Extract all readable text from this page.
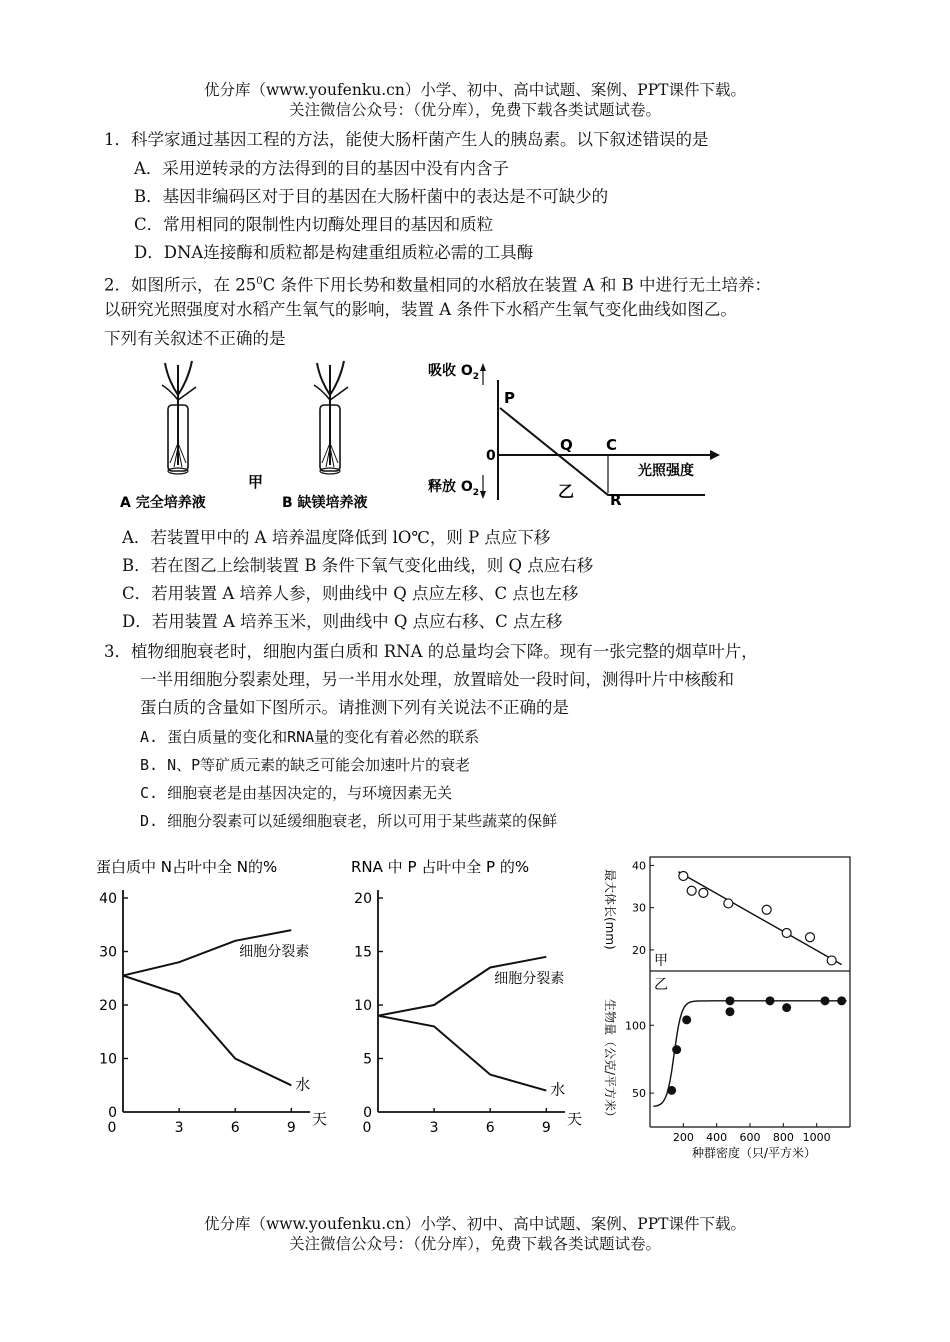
优分库（www.youfenku.cn）小学、初中、高中试题、案例、PPT课件下载。
关注微信公众号：（优分库），免费下载各类试题试卷。
1．科学家通过基因工程的方法，能使大肠杆菌产生人的胰岛素。以下叙述错误的是
A．采用逆转录的方法得到的目的基因中没有内含子
B．基因非编码区对于目的基因在大肠杆菌中的表达是不可缺少的
C．常用相同的限制性内切酶处理目的基因和质粒
D．DNA连接酶和质粒都是构建重组质粒必需的工具酶
2．如图所示，在 $25^0C$ 条件下用长势和数量相同的水稻放在装置 A 和 B 中进行无土培养：
以研究光照强度对水稻产生氧气的影响，装置 A 条件下水稻产生氧气变化曲线如图乙。
下列有关叙述不正确的是
A 完全培养液	B 缺镁培养液
甲
吸收 $O_2$
释放 $O_2$
0
P
Q C
R
光照强度
乙
A．若装置甲中的 A 培养温度降低到 lO℃，则 P 点应下移
B．若在图乙上绘制装置 B 条件下氧气变化曲线，则 Q 点应右移
C．若用装置 A 培养人参，则曲线中 Q 点应左移、C 点也左移
D．若用装置 A 培养玉米，则曲线中 Q 点应右移、C 点左移
3．植物细胞衰老时，细胞内蛋白质和 RNA 的总量均会下降。现有一张完整的烟草叶片，
一半用细胞分裂素处理，另一半用水处理，放置暗处一段时间，测得叶片中核酸和
蛋白质的含量如下图所示。请推测下列有关说法不正确的是
A. 蛋白质量的变化和RNA量的变化有着必然的联系
B. N、P等矿质元素的缺乏可能会加速叶片的衰老
C. 细胞衰老是由基因决定的，与环境因素无关
D. 细胞分裂素可以延缓细胞衰老，所以可用于某些蔬菜的保鲜
蛋白质中 N占叶中全 N的%
0
10
20
30
40
0	3	6	9 天
细胞分裂素
水
RNA 中 P 占叶中全 P 的%
0
5
10
15
20
0	3	6	9 天
细胞分裂素
水
甲
20
30
40
最大体长(mm)
乙
50
100
200 400 600 800 1000
生物量（公克/平方米）
种群密度（只/平方米）
优分库（www.youfenku.cn）小学、初中、高中试题、案例、PPT课件下载。
关注微信公众号：（优分库），免费下载各类试题试卷。
